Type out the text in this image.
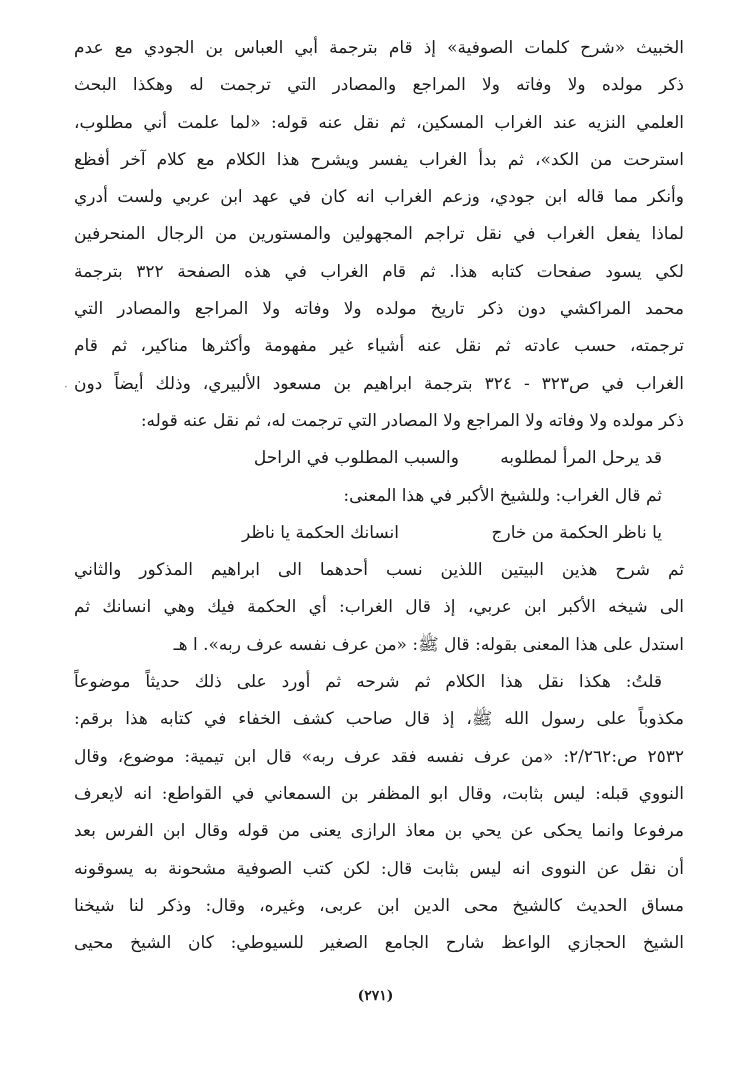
·
الخبيث «شرح كلمات الصوفية» إذ قام بترجمة أبي العباس بن الجودي مع عدم
ذكر مولده ولا وفاته ولا المراجع والمصادر التي ترجمت له وهكذا البحث
العلمي النزيه عند الغراب المسكين، ثم نقل عنه قوله: «لما علمت أني مطلوب،
استرحت من الكد»، ثم بدأ الغراب يفسر ويشرح هذا الكلام مع كلام آخر أفظع
وأنكر مما قاله ابن جودي، وزعم الغراب انه كان في عهد ابن عربي ولست أدري
لماذا يفعل الغراب في نقل تراجم المجهولين والمستورين من الرجال المنحرفين
لكي يسود صفحات كتابه هذا. ثم قام الغراب في هذه الصفحة ٣٢٢ بترجمة
محمد المراكشي دون ذكر تاريخ مولده ولا وفاته ولا المراجع والمصادر التي
ترجمته، حسب عادته ثم نقل عنه أشياء غير مفهومة وأكثرها مناكير، ثم قام
الغراب في ص٣٢٣ - ٣٢٤ بترجمة ابراهيم بن مسعود الألبيري، وذلك أيضاً دون
ذكر مولده ولا وفاته ولا المراجع ولا المصادر التي ترجمت له، ثم نقل عنه قوله:
قد يرحل المرأ لمطلوبه
والسبب المطلوب في الراحل
ثم قال الغراب: وللشيخ الأكبر في هذا المعنى:
يا ناظر الحكمة من خارج
انسانك الحكمة يا ناظر
ثم شرح هذين البيتين اللذين نسب أحدهما الى ابراهيم المذكور والثاني
الى شيخه الأكبر ابن عربي، إذ قال الغراب: أي الحكمة فيك وهي انسانك ثم
استدل على هذا المعنى بقوله: قال ﷺ: «من عرف نفسه عرف ربه». ا هـ
قلتُ: هكذا نقل هذا الكلام ثم شرحه ثم أورد على ذلك حديثاً موضوعاً
مكذوباً على رسول الله ﷺ، إذ قال صاحب كشف الخفاء في كتابه هذا برقم:
٢٥٣٢ ص:٢/٢٦٢: «من عرف نفسه فقد عرف ربه» قال ابن تيمية: موضوع، وقال
النووي قبله: ليس بثابت، وقال ابو المظفر بن السمعاني في القواطع: انه لايعرف
مرفوعا وانما يحكى عن يحي بن معاذ الرازى يعنى من قوله وقال ابن الفرس بعد
أن نقل عن النووى انه ليس بثابت قال: لكن كتب الصوفية مشحونة به يسوقونه
مساق الحديث كالشيخ محى الدين ابن عربى، وغيره، وقال: وذكر لنا شيخنا
الشيخ الحجازي الواعظ شارح الجامع الصغير للسيوطي: كان الشيخ محيى
(٢٧١)
